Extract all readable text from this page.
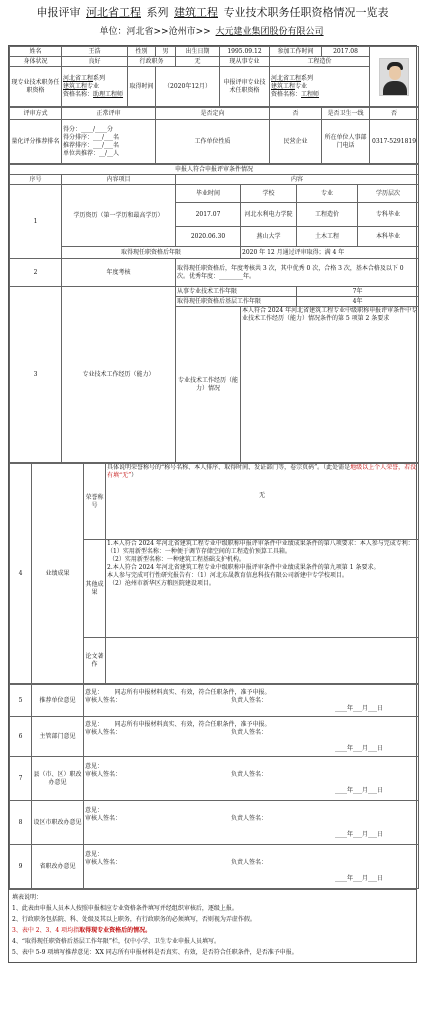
申报评审 河北省工程 系列 建筑工程 专业技术职务任职资格情况一览表
单位：河北省>>沧州市>> 大元建业集团股份有限公司
姓名	王浩	性别	男	出生日期	1995.09.12	参加工作时间	2017.08	

身体状况	良好	行政职务		无	现从事专业	工程造价		
现专业技术职务任职资格	河北省工程系列
建筑工程专业
资格名称：助理工程师	取得时间	（2020年12月）		申报评审专业技术任职资格	河北省工程系列
建筑工程专业
资格名称：工程师		
评审方式	正常评审	是否定向	否	是否卫生一线	否
量化评分推荐排名	得分：____/____分
得分排序：___/___名
推荐排序：___/___名
单位共推荐：__/__人	工作单位性质	民营企业	所在单位人事部门电话	0317-5291819
申报人符合申报评审条件情况					
序号	内容项目	内容			
1	学历资历（第一学历和最高学历）	毕业时间	学校	专业	学历层次
		2017.07	河北水利电力学院	工程造价	专科毕业
		2020.06.30	燕山大学	土木工程	本科毕业
	取得现任职资格后年限		2020 年 12 月通过评审取得；满 4 年		
2	年度考核	取得现任职资格后，年度考核共 3 次，其中优秀 0 次，合格 3 次，基本合格及以下 0 次。优秀年度：________年。			
3	专业技术工作经历（能力）	从事专业技术工作年限		7年	
		取得现任职资格后基层工作年限		4年	
		专业技术工作经历（能力）情况	本人符合 2024 年河北省建筑工程专业中级职称申报评审条件中专业技术工作经历（能力）情况条件的第 5 项第 2 条要求		
4	业绩成果	荣誉称号	具体说明荣誉称号的“称号名称、本人排序、取得时间、发证部门等，卷宗页码”。（此处需是地级以上个人荣誉，若没有填“无”）
无

		其他成果	1.本人符合 2024 年河北省建筑工程专业中级职称申报评审条件中业绩成果条件的第八项要求：本人参与完成专利：（1）实用新型名称：一种便于调节存储空间的工程造价预算工具箱。
（2）实用新型名称：一种建筑工程基础支护机构。
2.本人符合 2024 年河北省建筑工程专业中级职称申报评审条件中业绩成果条件的第九项第 1 条要求。
本人参与完成可行性研究报告有：（1）河北东晟教育信息科技有限公司新建中专学校项目。
（2）沧州市新华区方粮医院建设项目。

		论文著作	
5	推荐单位意见	意见： 同志所有申报材料真实、有效，符合任职条件，准予申报。
审核人签名： 负责人签名：
____年___月___日
6	主管部门意见	意见： 同志所有申报材料真实、有效，符合任职条件，准予申报。
审核人签名： 负责人签名：

____年___月___日
7	县（市、区）职改办意见	意见：
审核人签名： 负责人签名：

____年___月___日
8	设区市职改办意见	意见：
审核人签名： 负责人签名：

____年___月___日
9	省职改办意见	意见：
审核人签名： 负责人签名：

____年___月___日
填表说明：
1、此表由申报人员本人按照申报相应专业资格条件填写并经组织审核后，逐级上报。
2、行政职务包括院、科、处级及其以上职务，有行政职务的必须填写，否则视为弄虚作假。
3、表中 2、3、4 项均指取得现专业资格后的情况。
4、“取得现任职资格后基层工作年限”栏，仅中小学、卫生专业申报人员填写。
5、表中 5-9 项填写推荐意见：XX 同志所有申报材料是否真实、有效，是否符合任职条件，是否准予申报。
